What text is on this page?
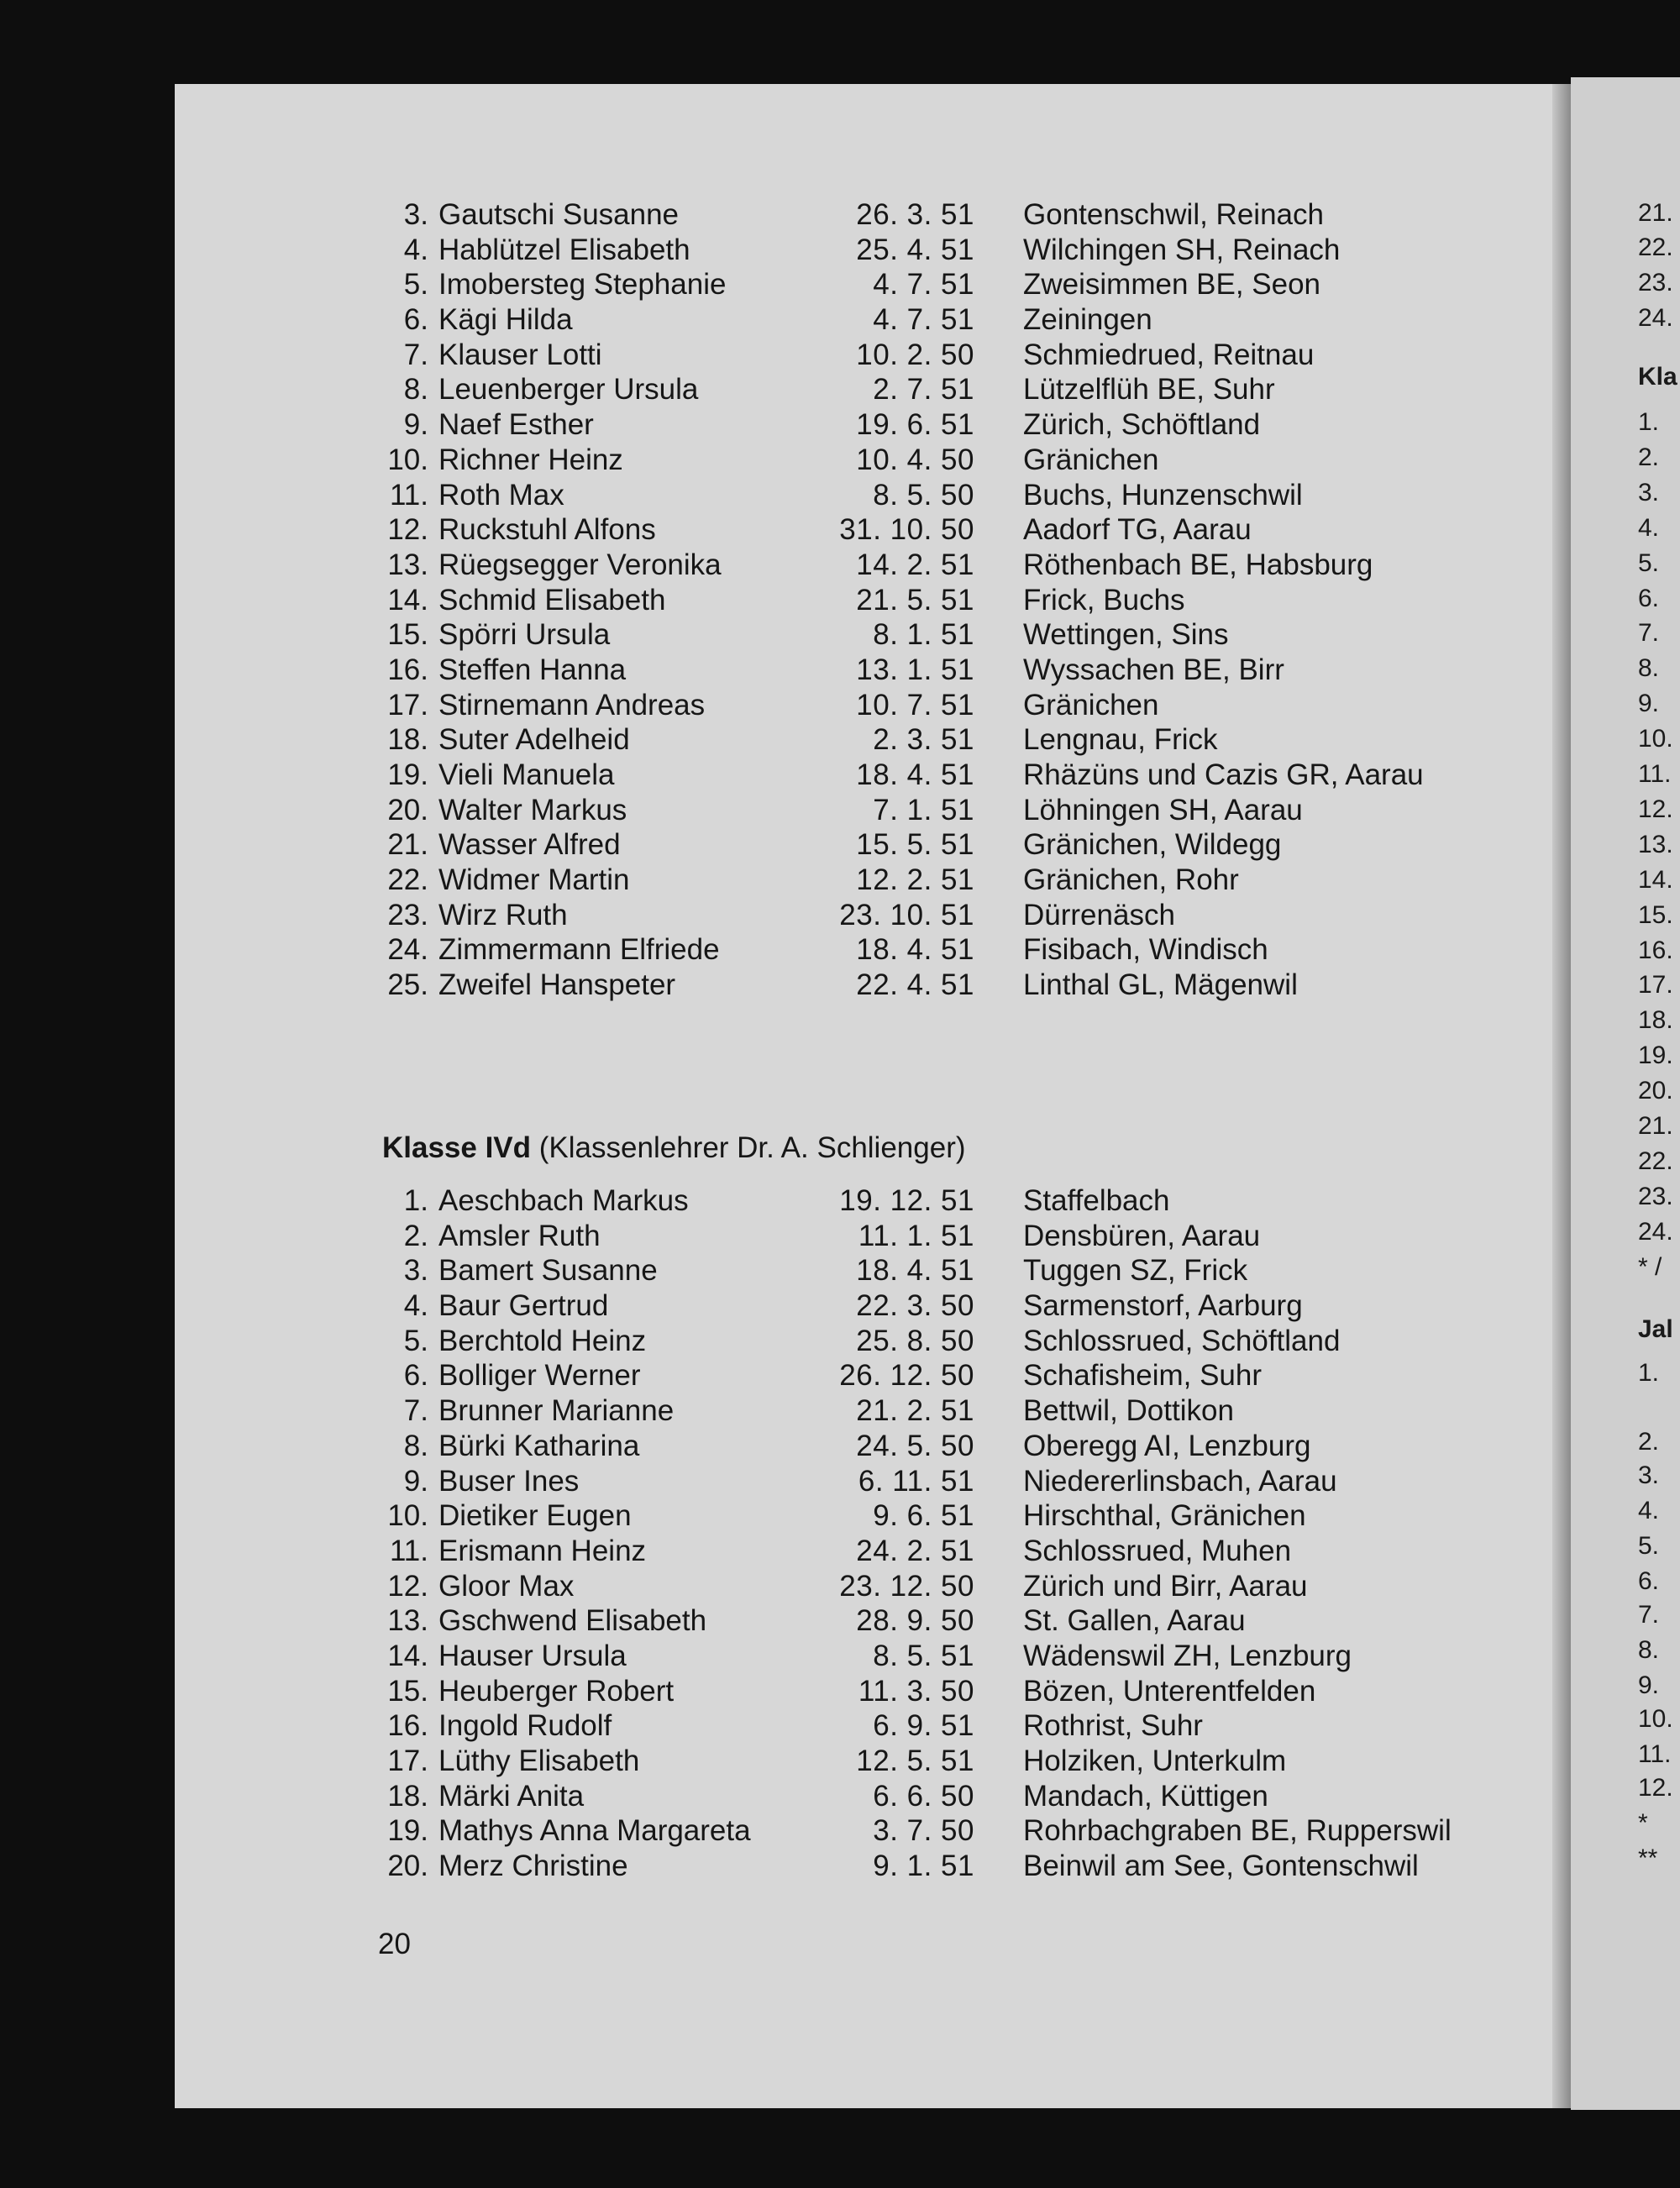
3. Gautschi Susanne	26. 3. 51 Gontenschwil, Reinach
4. Hablützel Elisabeth	25. 4. 51 Wilchingen SH, Reinach
5. Imobersteg Stephanie	4. 7. 51 Zweisimmen BE, Seon
6. Kägi Hilda	4. 7. 51 Zeiningen
7. Klauser Lotti	10. 2. 50 Schmiedrued, Reitnau
8. Leuenberger Ursula	2. 7. 51 Lützelflüh BE, Suhr
9. Naef Esther	19. 6. 51 Zürich, Schöftland
10. Richner Heinz	10. 4. 50 Gränichen
11. Roth Max	8. 5. 50 Buchs, Hunzenschwil
12. Ruckstuhl Alfons	31. 10. 50 Aadorf TG, Aarau
13. Rüegsegger Veronika	14. 2. 51 Röthenbach BE, Habsburg
14. Schmid Elisabeth	21. 5. 51 Frick, Buchs
15. Spörri Ursula	8. 1. 51 Wettingen, Sins
16. Steffen Hanna	13. 1. 51 Wyssachen BE, Birr
17. Stirnemann Andreas	10. 7. 51 Gränichen
18. Suter Adelheid	2. 3. 51 Lengnau, Frick
19. Vieli Manuela	18. 4. 51 Rhäzüns und Cazis GR, Aarau
20. Walter Markus	7. 1. 51 Löhningen SH, Aarau
21. Wasser Alfred	15. 5. 51 Gränichen, Wildegg
22. Widmer Martin	12. 2. 51 Gränichen, Rohr
23. Wirz Ruth	23. 10. 51 Dürrenäsch
24. Zimmermann Elfriede	18. 4. 51 Fisibach, Windisch
25. Zweifel Hanspeter	22. 4. 51 Linthal GL, Mägenwil
Klasse IVd (Klassenlehrer Dr. A. Schlienger)
1. Aeschbach Markus	19. 12. 51 Staffelbach
2. Amsler Ruth	11. 1. 51 Densbüren, Aarau
3. Bamert Susanne	18. 4. 51 Tuggen SZ, Frick
4. Baur Gertrud	22. 3. 50 Sarmenstorf, Aarburg
5. Berchtold Heinz	25. 8. 50 Schlossrued, Schöftland
6. Bolliger Werner	26. 12. 50 Schafisheim, Suhr
7. Brunner Marianne	21. 2. 51 Bettwil, Dottikon
8. Bürki Katharina	24. 5. 50 Oberegg AI, Lenzburg
9. Buser Ines	6. 11. 51 Niedererlinsbach, Aarau
10. Dietiker Eugen	9. 6. 51 Hirschthal, Gränichen
11. Erismann Heinz	24. 2. 51 Schlossrued, Muhen
12. Gloor Max	23. 12. 50 Zürich und Birr, Aarau
13. Gschwend Elisabeth	28. 9. 50 St. Gallen, Aarau
14. Hauser Ursula	8. 5. 51 Wädenswil ZH, Lenzburg
15. Heuberger Robert	11. 3. 50 Bözen, Unterentfelden
16. Ingold Rudolf	6. 9. 51 Rothrist, Suhr
17. Lüthy Elisabeth	12. 5. 51 Holziken, Unterkulm
18. Märki Anita	6. 6. 50 Mandach, Küttigen
19. Mathys Anna Margareta	3. 7. 50 Rohrbachgraben BE, Rupperswil
20. Merz Christine	9. 1. 51 Beinwil am See, Gontenschwil
20
21.
22.
23.
24.
Kla
1.
2.
3.
4.
5.
6.
7.
8.
9.
10.
11.
12.
13.
14.
15.
16.
17.
18.
19.
20.
21.
22.
23.
24.
* /
Jal
1.
2.
3.
4.
5.
6.
7.
8.
9.
10.
11.
12.
*
**
